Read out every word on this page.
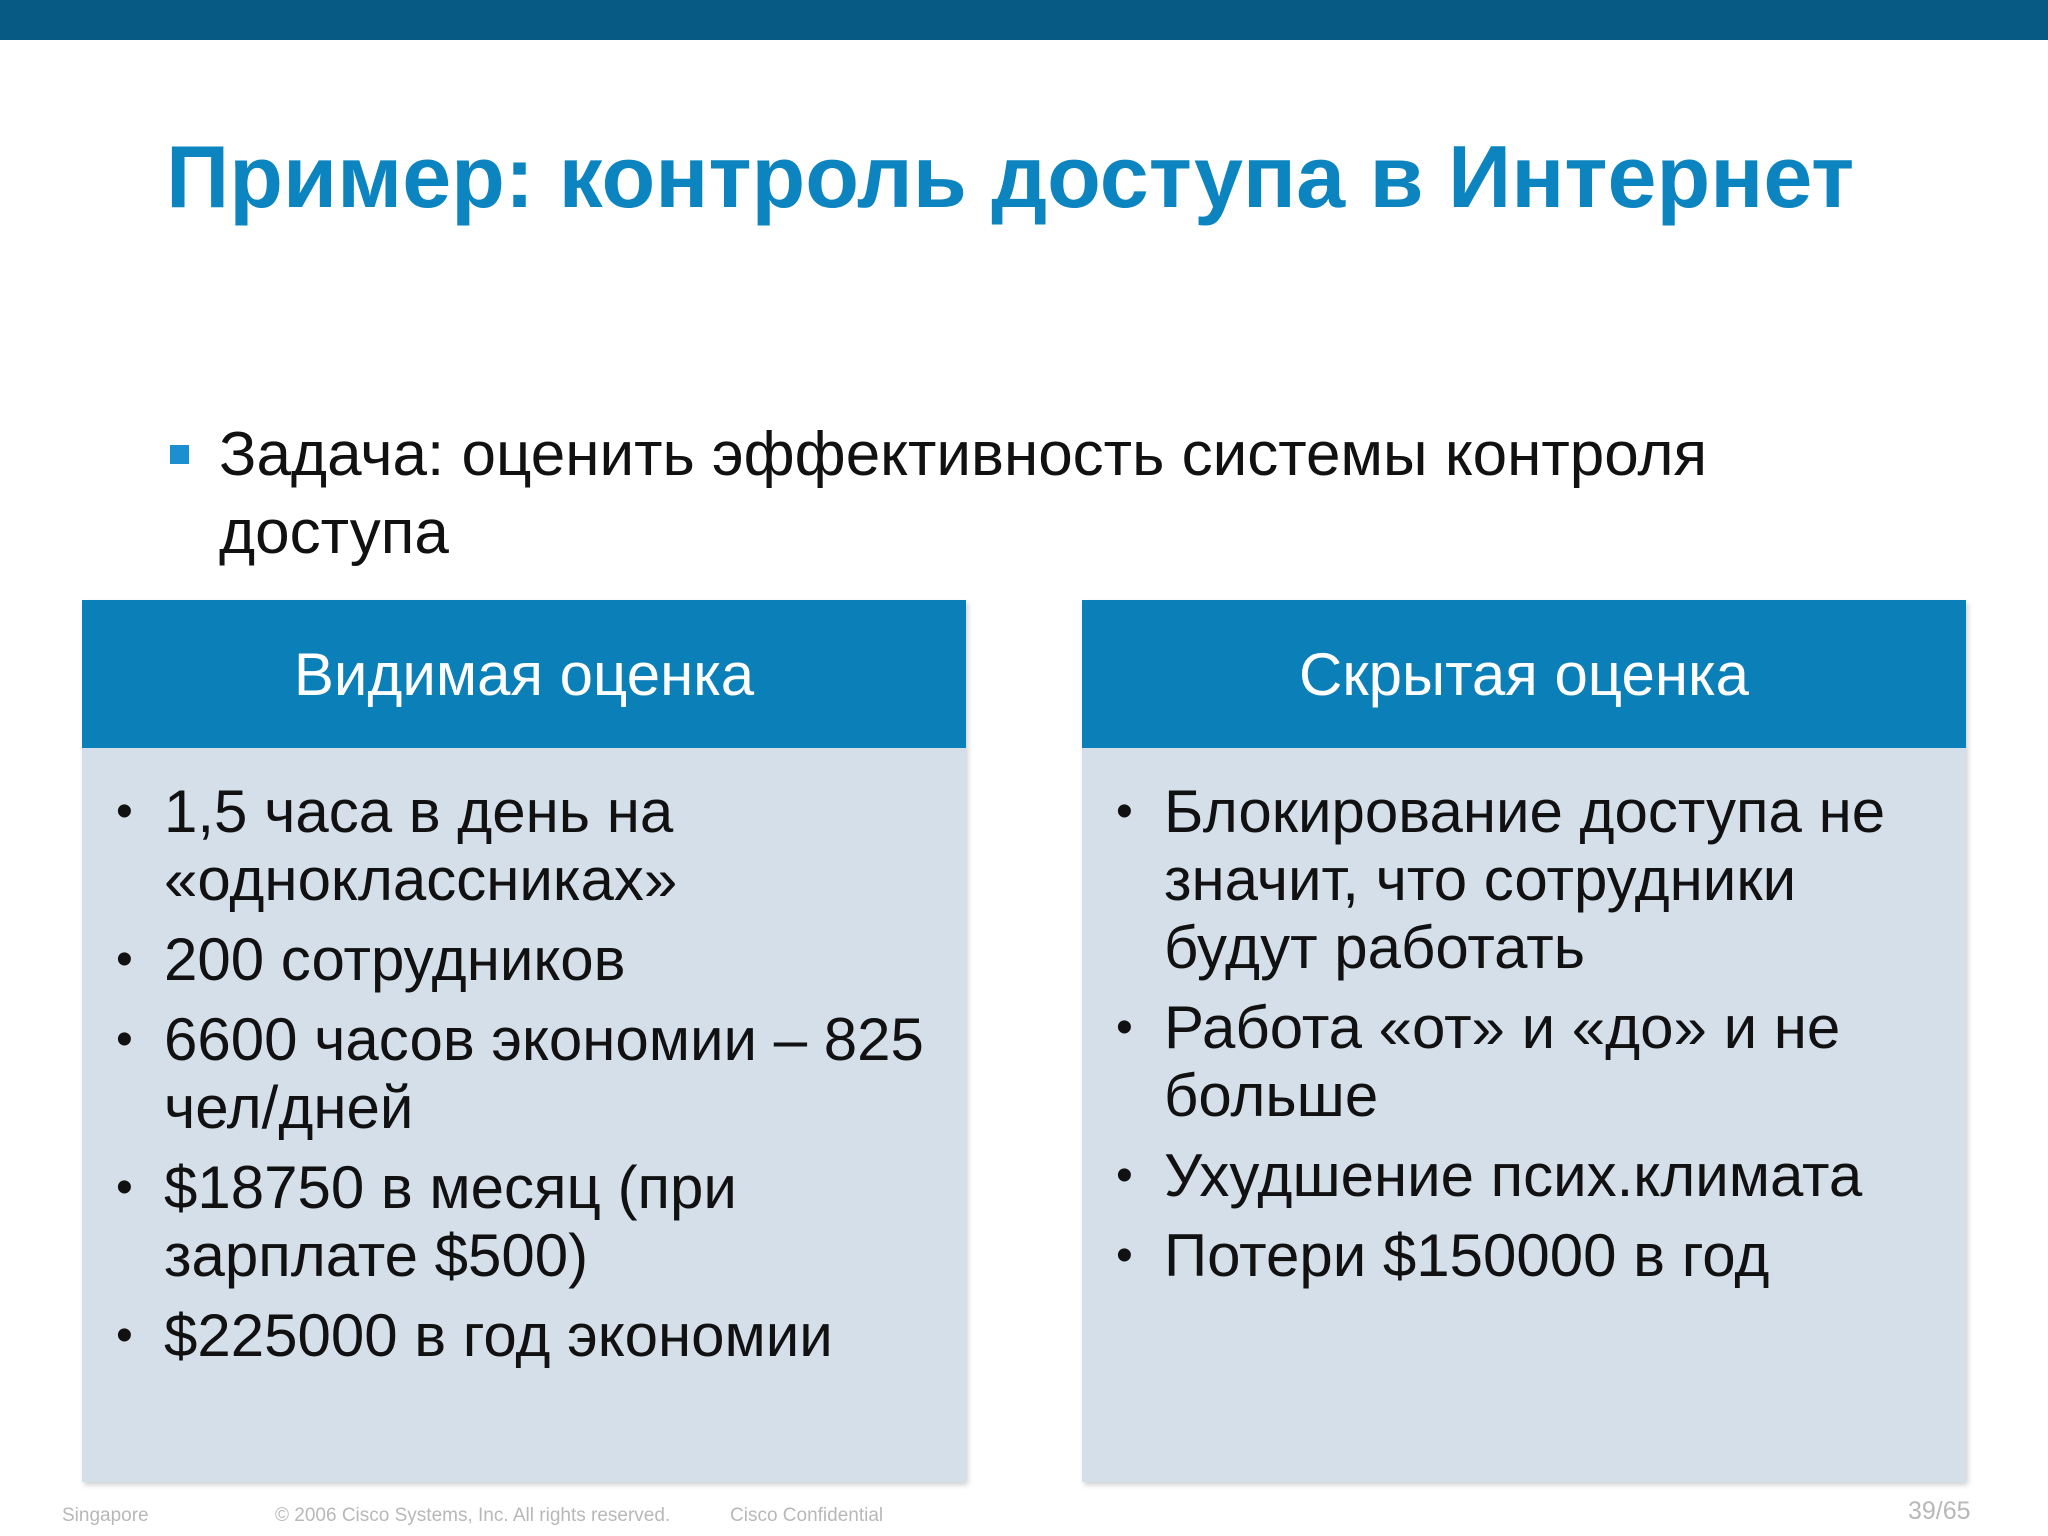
Пример: контроль доступа в Интернет
Задача: оценить эффективность системы контроля доступа
Видимая оценка
• 1,5 часа в день на «одноклассниках»
• 200 сотрудников
• 6600 часов экономии – 825 чел/дней
• $18750 в месяц (при зарплате $500)
• $225000 в год экономии
Скрытая оценка
• Блокирование доступа не значит, что сотрудники будут работать
• Работа «от» и «до» и не больше
• Ухудшение псих.климата
• Потери $150000 в год
Singapore	© 2006 Cisco Systems, Inc. All rights reserved.	Cisco Confidential	39/65
